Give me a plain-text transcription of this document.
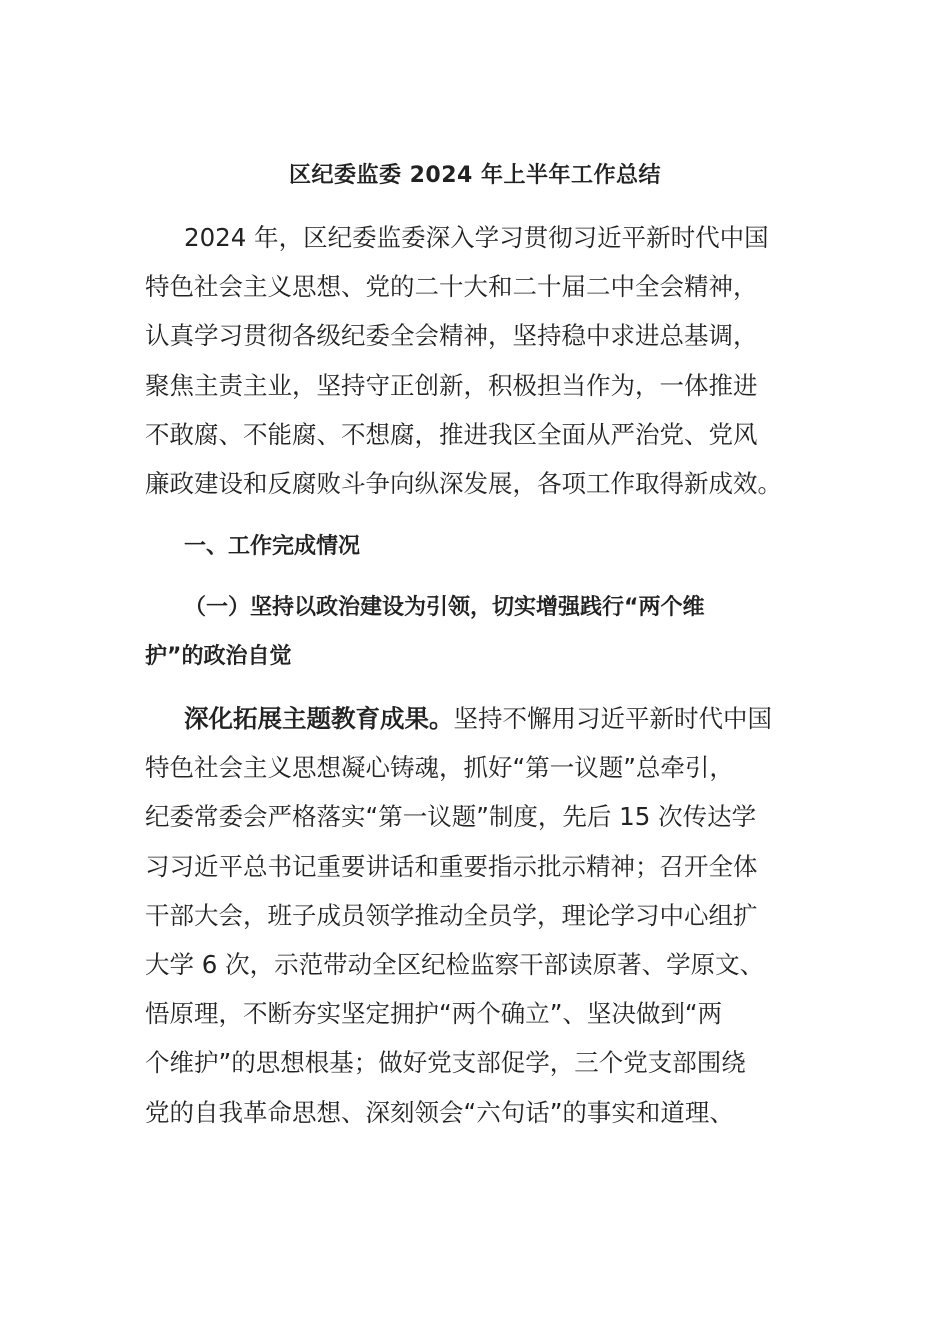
区纪委监委 2024 年上半年工作总结

2024 年，区纪委监委深入学习贯彻习近平新时代中国
特色社会主义思想、党的二十大和二十届二中全会精神，
认真学习贯彻各级纪委全会精神，坚持稳中求进总基调，
聚焦主责主业，坚持守正创新，积极担当作为，一体推进
不敢腐、不能腐、不想腐，推进我区全面从严治党、党风
廉政建设和反腐败斗争向纵深发展，各项工作取得新成效。

一、工作完成情况

（一）坚持以政治建设为引领，切实增强践行“两个维
护”的政治自觉

深化拓展主题教育成果。坚持不懈用习近平新时代中国
特色社会主义思想凝心铸魂，抓好“第一议题”总牵引，
纪委常委会严格落实“第一议题”制度，先后 15 次传达学
习习近平总书记重要讲话和重要指示批示精神；召开全体
干部大会，班子成员领学推动全员学，理论学习中心组扩
大学 6 次，示范带动全区纪检监察干部读原著、学原文、
悟原理，不断夯实坚定拥护“两个确立”、坚决做到“两
个维护”的思想根基；做好党支部促学，三个党支部围绕
党的自我革命思想、深刻领会“六句话”的事实和道理、
